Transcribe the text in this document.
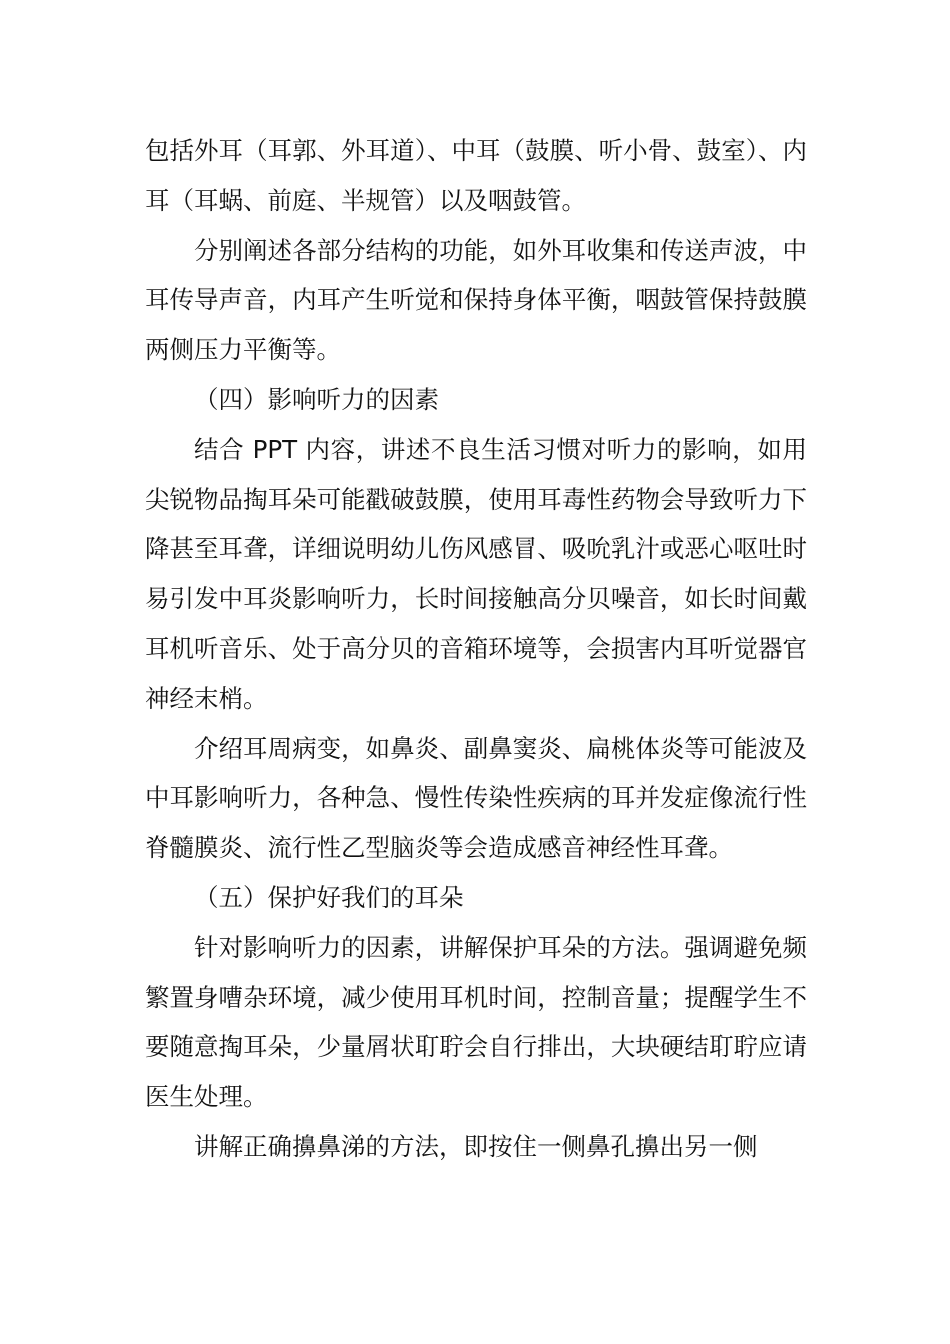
包括外耳（耳郭、外耳道）、中耳（鼓膜、听小骨、鼓室）、内耳（耳蜗、前庭、半规管）以及咽鼓管。

分别阐述各部分结构的功能，如外耳收集和传送声波，中耳传导声音，内耳产生听觉和保持身体平衡，咽鼓管保持鼓膜两侧压力平衡等。

（四）影响听力的因素

结合 PPT 内容，讲述不良生活习惯对听力的影响，如用尖锐物品掏耳朵可能戳破鼓膜，使用耳毒性药物会导致听力下降甚至耳聋，详细说明幼儿伤风感冒、吸吮乳汁或恶心呕吐时易引发中耳炎影响听力，长时间接触高分贝噪音，如长时间戴耳机听音乐、处于高分贝的音箱环境等，会损害内耳听觉器官神经末梢。

介绍耳周病变，如鼻炎、副鼻窦炎、扁桃体炎等可能波及中耳影响听力，各种急、慢性传染性疾病的耳并发症像流行性脊髓膜炎、流行性乙型脑炎等会造成感音神经性耳聋。

（五）保护好我们的耳朵

针对影响听力的因素，讲解保护耳朵的方法。强调避免频繁置身嘈杂环境，减少使用耳机时间，控制音量；提醒学生不要随意掏耳朵，少量屑状耵聍会自行排出，大块硬结耵聍应请医生处理。

讲解正确擤鼻涕的方法，即按住一侧鼻孔擤出另一侧
